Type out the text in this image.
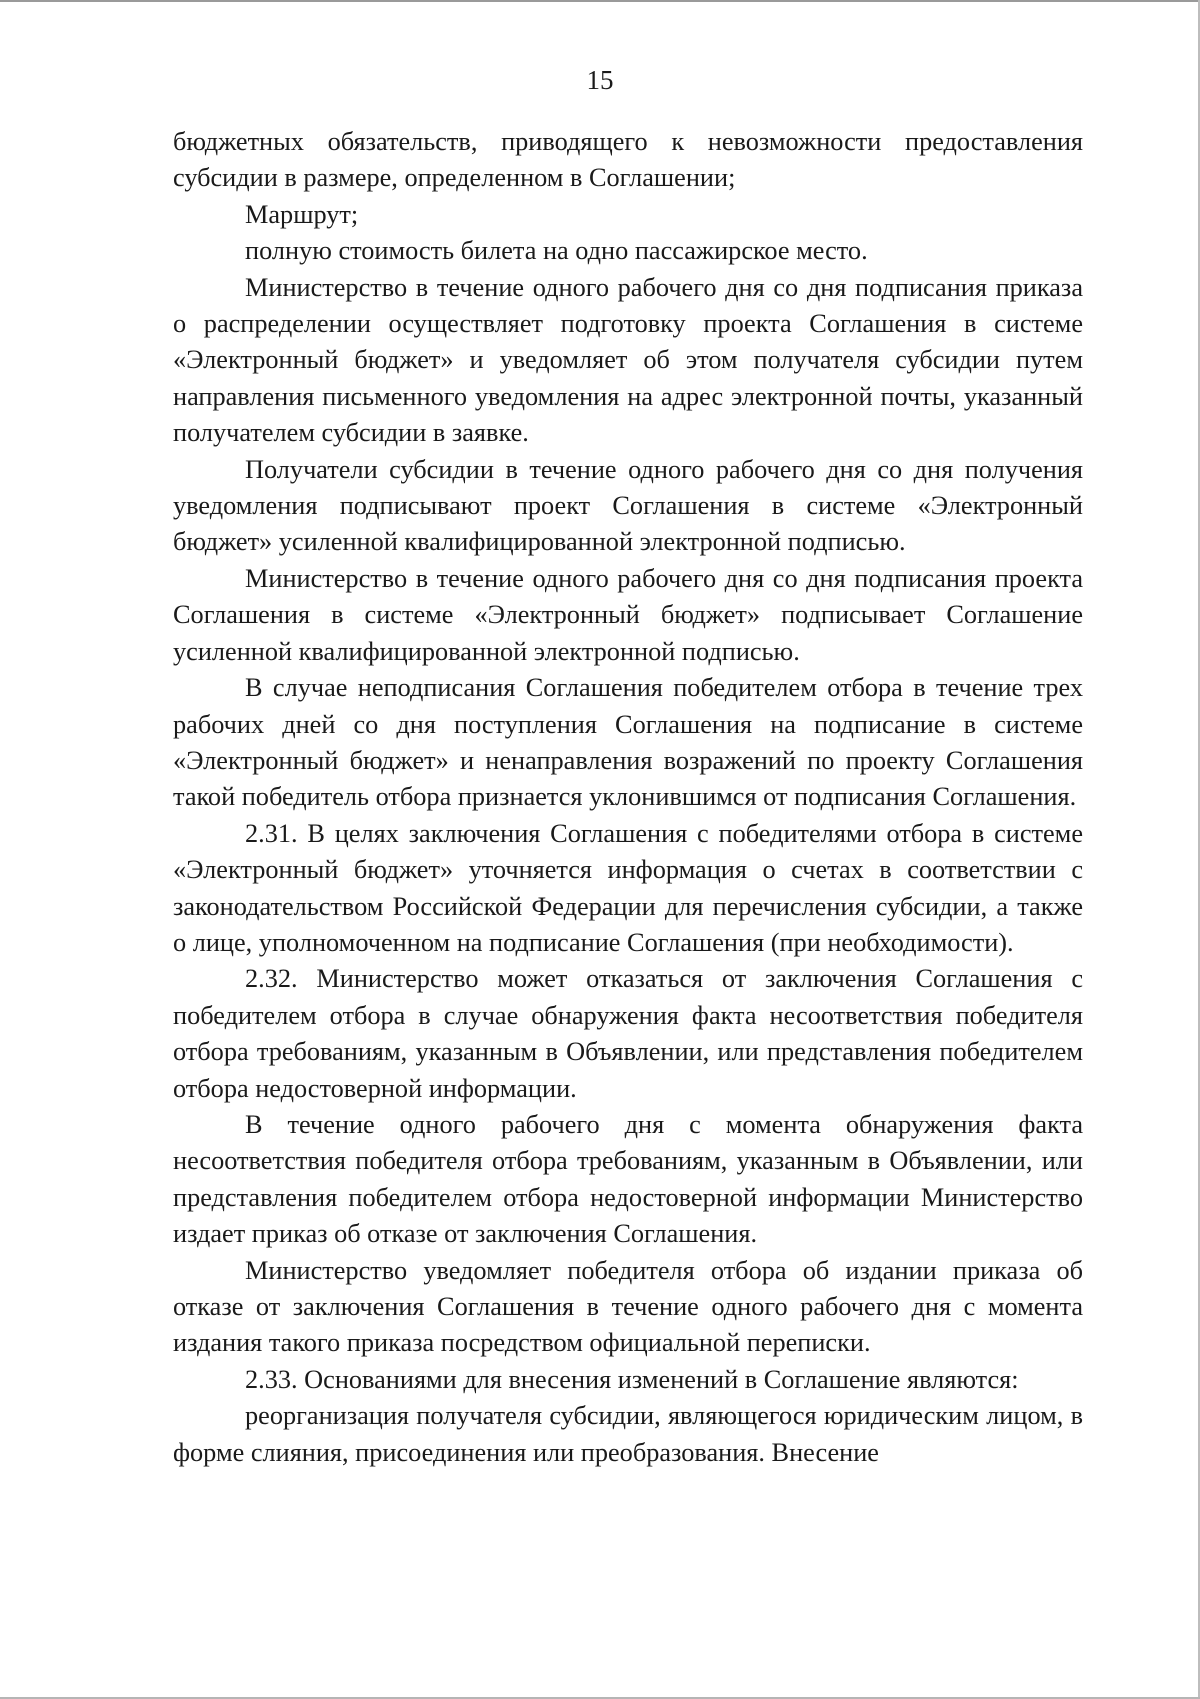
15

бюджетных обязательств, приводящего к невозможности предоставления субсидии в размере, определенном в Соглашении;

Маршрут;

полную стоимость билета на одно пассажирское место.

Министерство в течение одного рабочего дня со дня подписания приказа о распределении осуществляет подготовку проекта Соглашения в системе «Электронный бюджет» и уведомляет об этом получателя субсидии путем направления письменного уведомления на адрес электронной почты, указанный получателем субсидии в заявке.

Получатели субсидии в течение одного рабочего дня со дня получения уведомления подписывают проект Соглашения в системе «Электронный бюджет» усиленной квалифицированной электронной подписью.

Министерство в течение одного рабочего дня со дня подписания проекта Соглашения в системе «Электронный бюджет» подписывает Соглашение усиленной квалифицированной электронной подписью.

В случае неподписания Соглашения победителем отбора в течение трех рабочих дней со дня поступления Соглашения на подписание в системе «Электронный бюджет» и ненаправления возражений по проекту Соглашения такой победитель отбора признается уклонившимся от подписания Соглашения.

2.31. В целях заключения Соглашения с победителями отбора в системе «Электронный бюджет» уточняется информация о счетах в соответствии с законодательством Российской Федерации для перечисления субсидии, а также о лице, уполномоченном на подписание Соглашения (при необходимости).

2.32. Министерство может отказаться от заключения Соглашения с победителем отбора в случае обнаружения факта несоответствия победителя отбора требованиям, указанным в Объявлении, или представления победителем отбора недостоверной информации.

В течение одного рабочего дня с момента обнаружения факта несоответствия победителя отбора требованиям, указанным в Объявлении, или представления победителем отбора недостоверной информации Министерство издает приказ об отказе от заключения Соглашения.

Министерство уведомляет победителя отбора об издании приказа об отказе от заключения Соглашения в течение одного рабочего дня с момента издания такого приказа посредством официальной переписки.

2.33. Основаниями для внесения изменений в Соглашение являются:

реорганизация получателя субсидии, являющегося юридическим лицом, в форме слияния, присоединения или преобразования. Внесение
